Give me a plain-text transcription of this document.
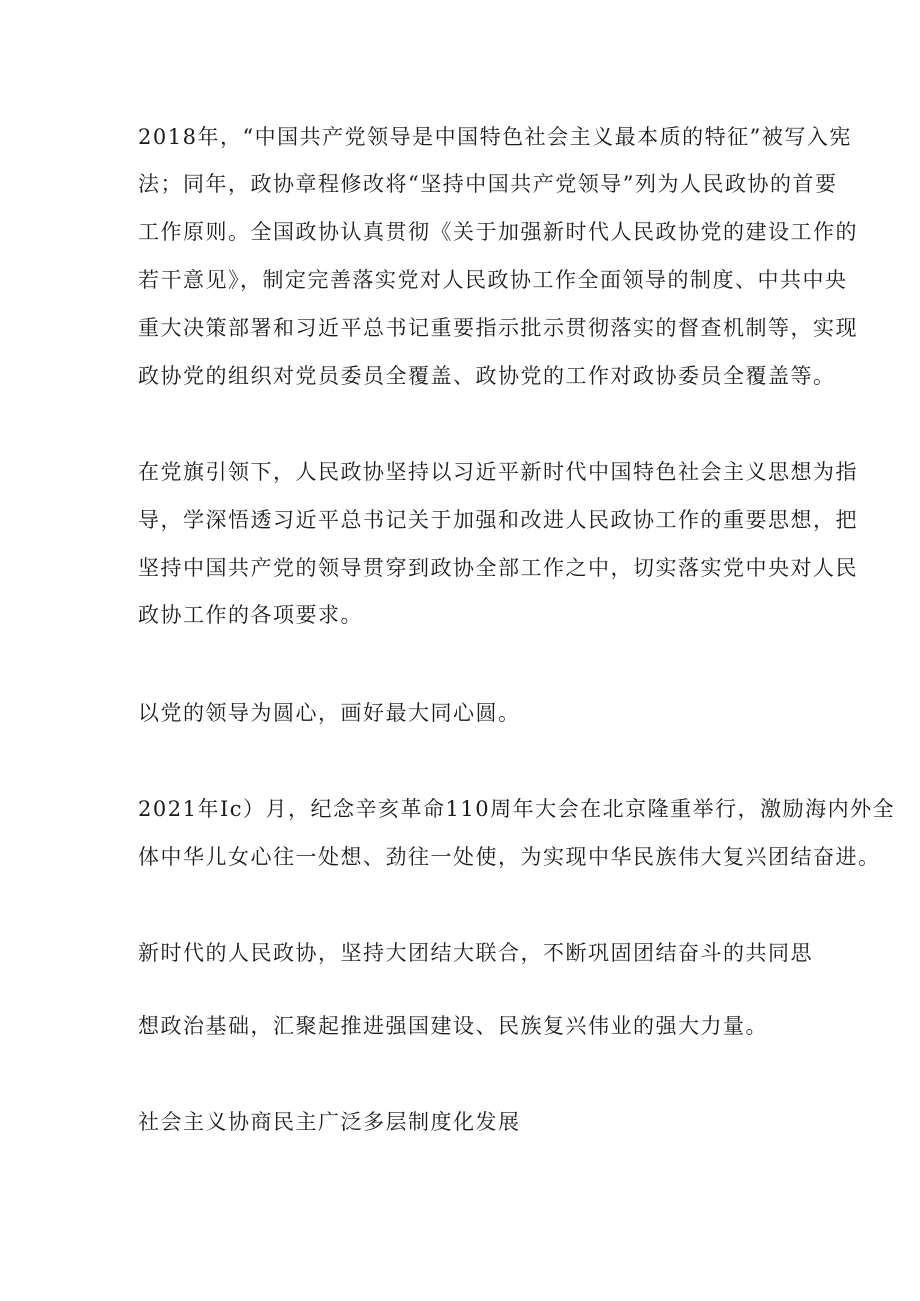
2018年，“中国共产党领导是中国特色社会主义最本质的特征”被写入宪

法；同年，政协章程修改将“坚持中国共产党领导”列为人民政协的首要

工作原则。全国政协认真贯彻《关于加强新时代人民政协党的建设工作的

若干意见》，制定完善落实党对人民政协工作全面领导的制度、中共中央

重大决策部署和习近平总书记重要指示批示贯彻落实的督查机制等，实现

政协党的组织对党员委员全覆盖、政协党的工作对政协委员全覆盖等。

在党旗引领下，人民政协坚持以习近平新时代中国特色社会主义思想为指

导，学深悟透习近平总书记关于加强和改进人民政协工作的重要思想，把

坚持中国共产党的领导贯穿到政协全部工作之中，切实落实党中央对人民

政协工作的各项要求。

以党的领导为圆心，画好最大同心圆。

2021年Ic）月，纪念辛亥革命110周年大会在北京隆重举行，激励海内外全

体中华儿女心往一处想、劲往一处使，为实现中华民族伟大复兴团结奋进。

新时代的人民政协，坚持大团结大联合，不断巩固团结奋斗的共同思

想政治基础，汇聚起推进强国建设、民族复兴伟业的强大力量。

社会主义协商民主广泛多层制度化发展
